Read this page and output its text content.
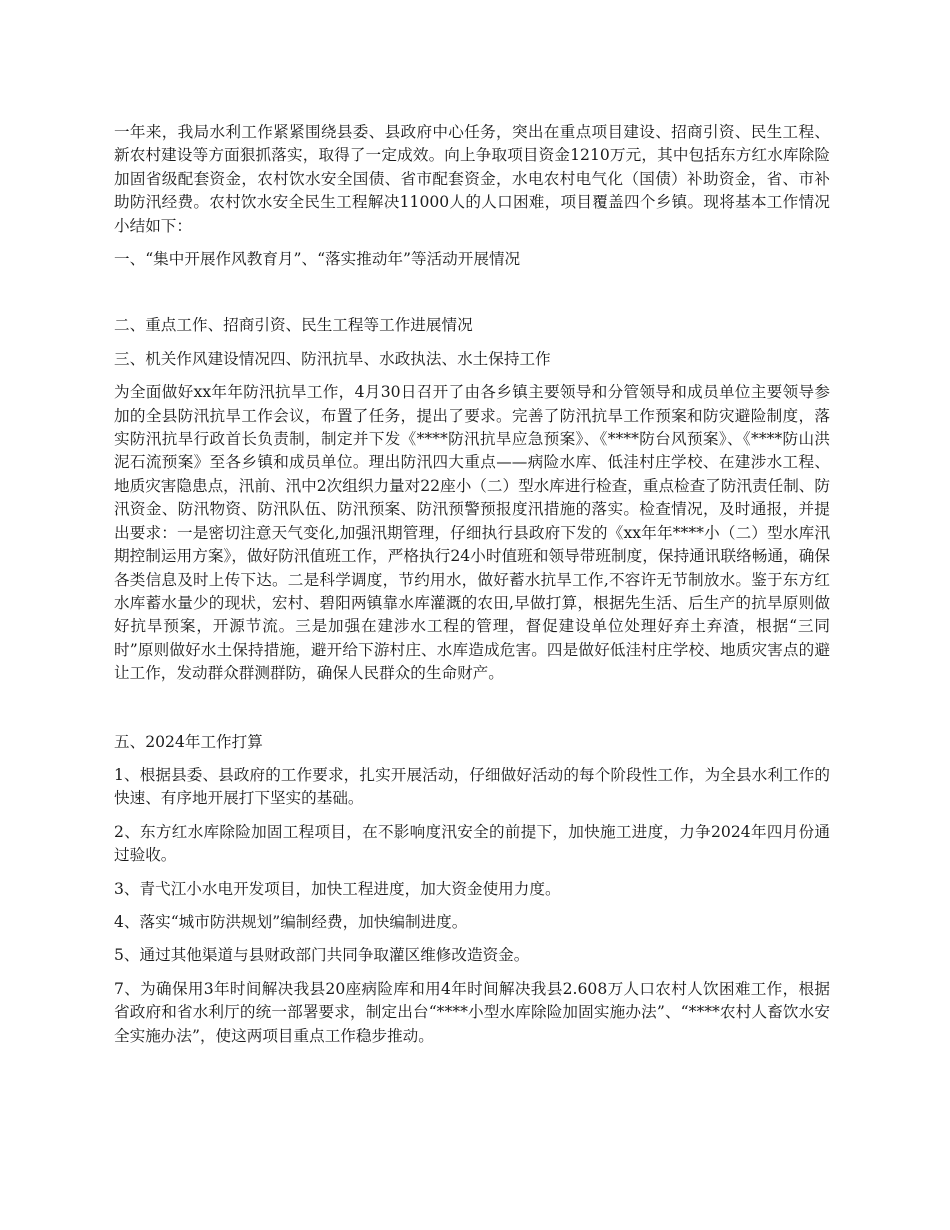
一年来，我局水利工作紧紧围绕县委、县政府中心任务，突出在重点项目建设、招商引资、民生工程、新农村建设等方面狠抓落实，取得了一定成效。向上争取项目资金1210万元，其中包括东方红水库除险加固省级配套资金，农村饮水安全国债、省市配套资金，水电农村电气化（国债）补助资金，省、市补助防汛经费。农村饮水安全民生工程解决11000人的人口困难，项目覆盖四个乡镇。现将基本工作情况小结如下：

一、“集中开展作风教育月”、“落实推动年”等活动开展情况

二、重点工作、招商引资、民生工程等工作进展情况

三、机关作风建设情况四、防汛抗旱、水政执法、水土保持工作

为全面做好xx年年防汛抗旱工作，4月30日召开了由各乡镇主要领导和分管领导和成员单位主要领导参加的全县防汛抗旱工作会议，布置了任务，提出了要求。完善了防汛抗旱工作预案和防灾避险制度，落实防汛抗旱行政首长负责制，制定并下发《****防汛抗旱应急预案》、《****防台风预案》、《****防山洪泥石流预案》至各乡镇和成员单位。理出防汛四大重点——病险水库、低洼村庄学校、在建涉水工程、地质灾害隐患点，汛前、汛中2次组织力量对22座小（二）型水库进行检查，重点检查了防汛责任制、防汛资金、防汛物资、防汛队伍、防汛预案、防汛预警预报度汛措施的落实。检查情况，及时通报，并提出要求：一是密切注意天气变化,加强汛期管理，仔细执行县政府下发的《xx年年****小（二）型水库汛期控制运用方案》，做好防汛值班工作，严格执行24小时值班和领导带班制度，保持通讯联络畅通，确保各类信息及时上传下达。二是科学调度，节约用水，做好蓄水抗旱工作,不容许无节制放水。鉴于东方红水库蓄水量少的现状，宏村、碧阳两镇靠水库灌溉的农田,早做打算，根据先生活、后生产的抗旱原则做好抗旱预案，开源节流。三是加强在建涉水工程的管理，督促建设单位处理好弃土弃渣，根据“三同时”原则做好水土保持措施，避开给下游村庄、水库造成危害。四是做好低洼村庄学校、地质灾害点的避让工作，发动群众群测群防，确保人民群众的生命财产。

五、2024年工作打算

1、根据县委、县政府的工作要求，扎实开展活动，仔细做好活动的每个阶段性工作，为全县水利工作的快速、有序地开展打下坚实的基础。

2、东方红水库除险加固工程项目，在不影响度汛安全的前提下，加快施工进度，力争2024年四月份通过验收。

3、青弋江小水电开发项目，加快工程进度，加大资金使用力度。

4、落实“城市防洪规划”编制经费，加快编制进度。

5、通过其他渠道与县财政部门共同争取灌区维修改造资金。

7、为确保用3年时间解决我县20座病险库和用4年时间解决我县2.608万人口农村人饮困难工作，根据省政府和省水利厅的统一部署要求，制定出台“****小型水库除险加固实施办法”、“****农村人畜饮水安全实施办法”，使这两项目重点工作稳步推动。
